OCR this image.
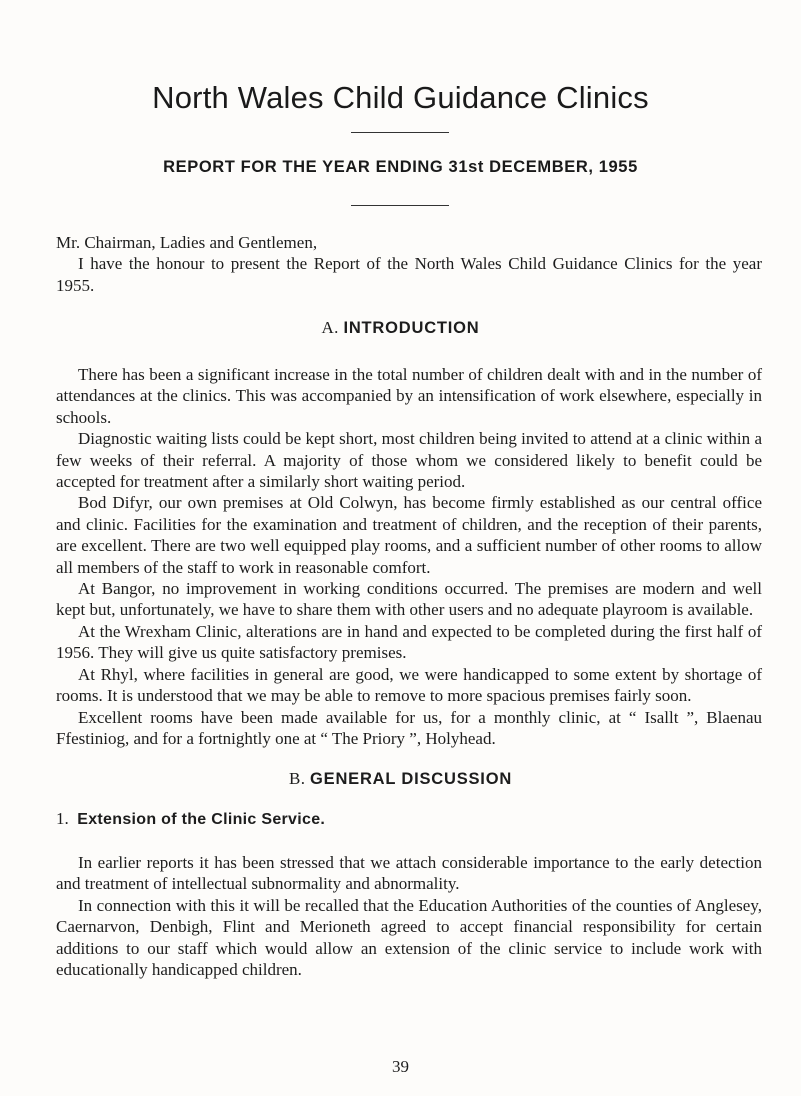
North Wales Child Guidance Clinics
REPORT FOR THE YEAR ENDING 31st DECEMBER, 1955

Mr. Chairman, Ladies and Gentlemen,

I have the honour to present the Report of the North Wales Child Guidance Clinics for the year 1955.

A. INTRODUCTION

There has been a significant increase in the total number of children dealt with and in the number of attendances at the clinics. This was accompanied by an intensification of work elsewhere, especially in schools.

Diagnostic waiting lists could be kept short, most children being invited to attend at a clinic within a few weeks of their referral. A majority of those whom we considered likely to benefit could be accepted for treatment after a similarly short waiting period.

Bod Difyr, our own premises at Old Colwyn, has become firmly established as our central office and clinic. Facilities for the examination and treatment of children, and the reception of their parents, are excellent. There are two well equipped play rooms, and a sufficient number of other rooms to allow all members of the staff to work in reasonable comfort.

At Bangor, no improvement in working conditions occurred. The premises are modern and well kept but, unfortunately, we have to share them with other users and no adequate playroom is available.

At the Wrexham Clinic, alterations are in hand and expected to be completed during the first half of 1956. They will give us quite satisfactory premises.

At Rhyl, where facilities in general are good, we were handicapped to some extent by shortage of rooms. It is understood that we may be able to remove to more spacious premises fairly soon.

Excellent rooms have been made available for us, for a monthly clinic, at “ Isallt ”, Blaenau Ffestiniog, and for a fortnightly one at “ The Priory ”, Holyhead.

B. GENERAL DISCUSSION
1. Extension of the Clinic Service.

In earlier reports it has been stressed that we attach considerable importance to the early detection and treatment of intellectual subnormality and abnormality.

In connection with this it will be recalled that the Education Authorities of the counties of Anglesey, Caernarvon, Denbigh, Flint and Merioneth agreed to accept financial responsibility for certain additions to our staff which would allow an extension of the clinic service to include work with educationally handicapped children.

39
